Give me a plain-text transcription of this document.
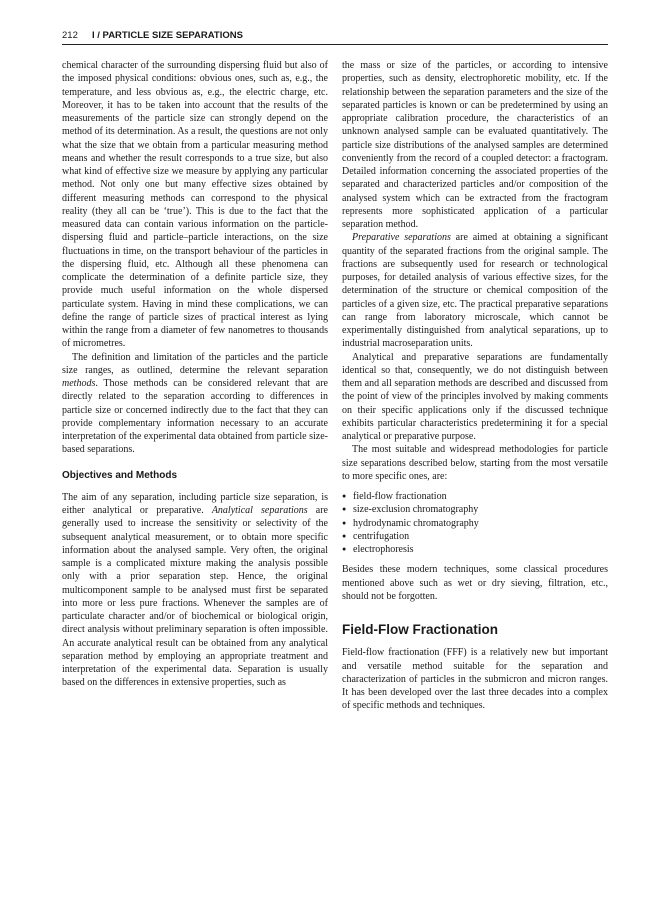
212 I / PARTICLE SIZE SEPARATIONS

chemical character of the surrounding dispersing fluid but also of the imposed physical conditions: obvious ones, such as, e.g., the temperature, and less obvious as, e.g., the electric charge, etc. Moreover, it has to be taken into account that the results of the measurements of the particle size can strongly depend on the method of its determination. As a result, the questions are not only what the size that we obtain from a particular measuring method means and whether the result corresponds to a true size, but also what kind of effective size we measure by applying any particular method. Not only one but many effective sizes obtained by different measuring methods can correspond to the physical reality (they all can be ‘true’). This is due to the fact that the measured data can contain various information on the particle-dispersing fluid and particle–particle interactions, on the size fluctuations in time, on the transport behaviour of the particles in the dispersing fluid, etc. Although all these phenomena can complicate the determination of a definite particle size, they provide much useful information on the whole dispersed particulate system. Having in mind these complications, we can define the range of particle sizes of practical interest as lying within the range from a diameter of few nanometres to thousands of micrometres.

The definition and limitation of the particles and the particle size ranges, as outlined, determine the relevant separation methods. Those methods can be considered relevant that are directly related to the separation according to differences in particle size or concerned indirectly due to the fact that they can provide complementary information necessary to an accurate interpretation of the experimental data obtained from particle size-based separations.

Objectives and Methods

The aim of any separation, including particle size separation, is either analytical or preparative. Analytical separations are generally used to increase the sensitivity or selectivity of the subsequent analytical measurement, or to obtain more specific information about the analysed sample. Very often, the original sample is a complicated mixture making the analysis possible only with a prior separation step. Hence, the original multicomponent sample to be analysed must first be separated into more or less pure fractions. Whenever the samples are of particulate character and/or of biochemical or biological origin, direct analysis without preliminary separation is often impossible. An accurate analytical result can be obtained from any analytical separation method by employing an appropriate treatment and interpretation of the experimental data. Separation is usually based on the differences in extensive properties, such as

the mass or size of the particles, or according to intensive properties, such as density, electrophoretic mobility, etc. If the relationship between the separation parameters and the size of the separated particles is known or can be predetermined by using an appropriate calibration procedure, the characteristics of an unknown analysed sample can be evaluated quantitatively. The particle size distributions of the analysed samples are determined conveniently from the record of a coupled detector: a fractogram. Detailed information concerning the associated properties of the separated and characterized particles and/or composition of the analysed system which can be extracted from the fractogram represents more sophisticated application of a particular separation method.

Preparative separations are aimed at obtaining a significant quantity of the separated fractions from the original sample. The fractions are subsequently used for research or technological purposes, for detailed analysis of various effective sizes, for the determination of the structure or chemical composition of the particles of a given size, etc. The practical preparative separations can range from laboratory microscale, which cannot be experimentally distinguished from analytical separations, up to industrial macroseparation units.

Analytical and preparative separations are fundamentally identical so that, consequently, we do not distinguish between them and all separation methods are described and discussed from the point of view of the principles involved by making comments on their specific applications only if the discussed technique exhibits particular characteristics predetermining it for a special analytical or preparative purpose.

The most suitable and widespread methodologies for particle size separations described below, starting from the most versatile to more specific ones, are:

● field-flow fractionation
● size-exclusion chromatography
● hydrodynamic chromatography
● centrifugation
● electrophoresis

Besides these modern techniques, some classical procedures mentioned above such as wet or dry sieving, filtration, etc., should not be forgotten.

Field-Flow Fractionation

Field-flow fractionation (FFF) is a relatively new but important and versatile method suitable for the separation and characterization of particles in the submicron and micron ranges. It has been developed over the last three decades into a complex of specific methods and techniques.
